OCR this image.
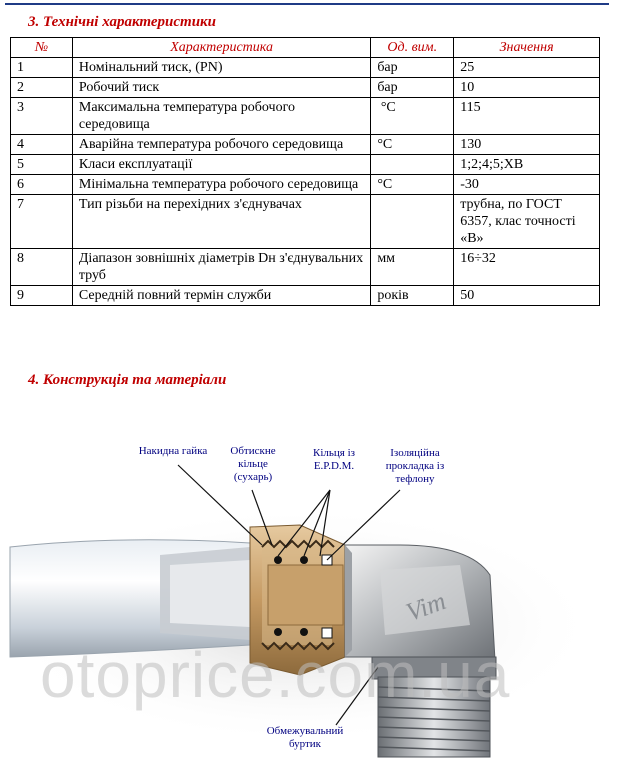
3. Технічні характеристики
№	Характеристика	Од. вим.	Значення
1	Номінальний тиск, (PN)	бар	25
2	Робочий тиск	бар	10
3	Максимальна температура робочого середовища	°C	115
4	Аварійна температура робочого середовища	°C	130
5	Класи експлуатації		1;2;4;5;ХВ
6	Мінімальна температура робочого середовища	°C	-30
7	Тип різьби на перехідних з'єднувачах		трубна, по ГОСТ 6357, клас точності «В»
8	Діапазон зовнішніх діаметрів Dн з'єднувальних труб	мм	16÷32
9	Середній повний термін служби	років	50
4. Конструкція та матеріали
Vim
Накидна гайка	Обтискне кільце (сухарь)
Кільця із E.P.D.M.
Ізоляційна прокладка із тефлону
Обмежувальний буртик
otoprice.com.ua
